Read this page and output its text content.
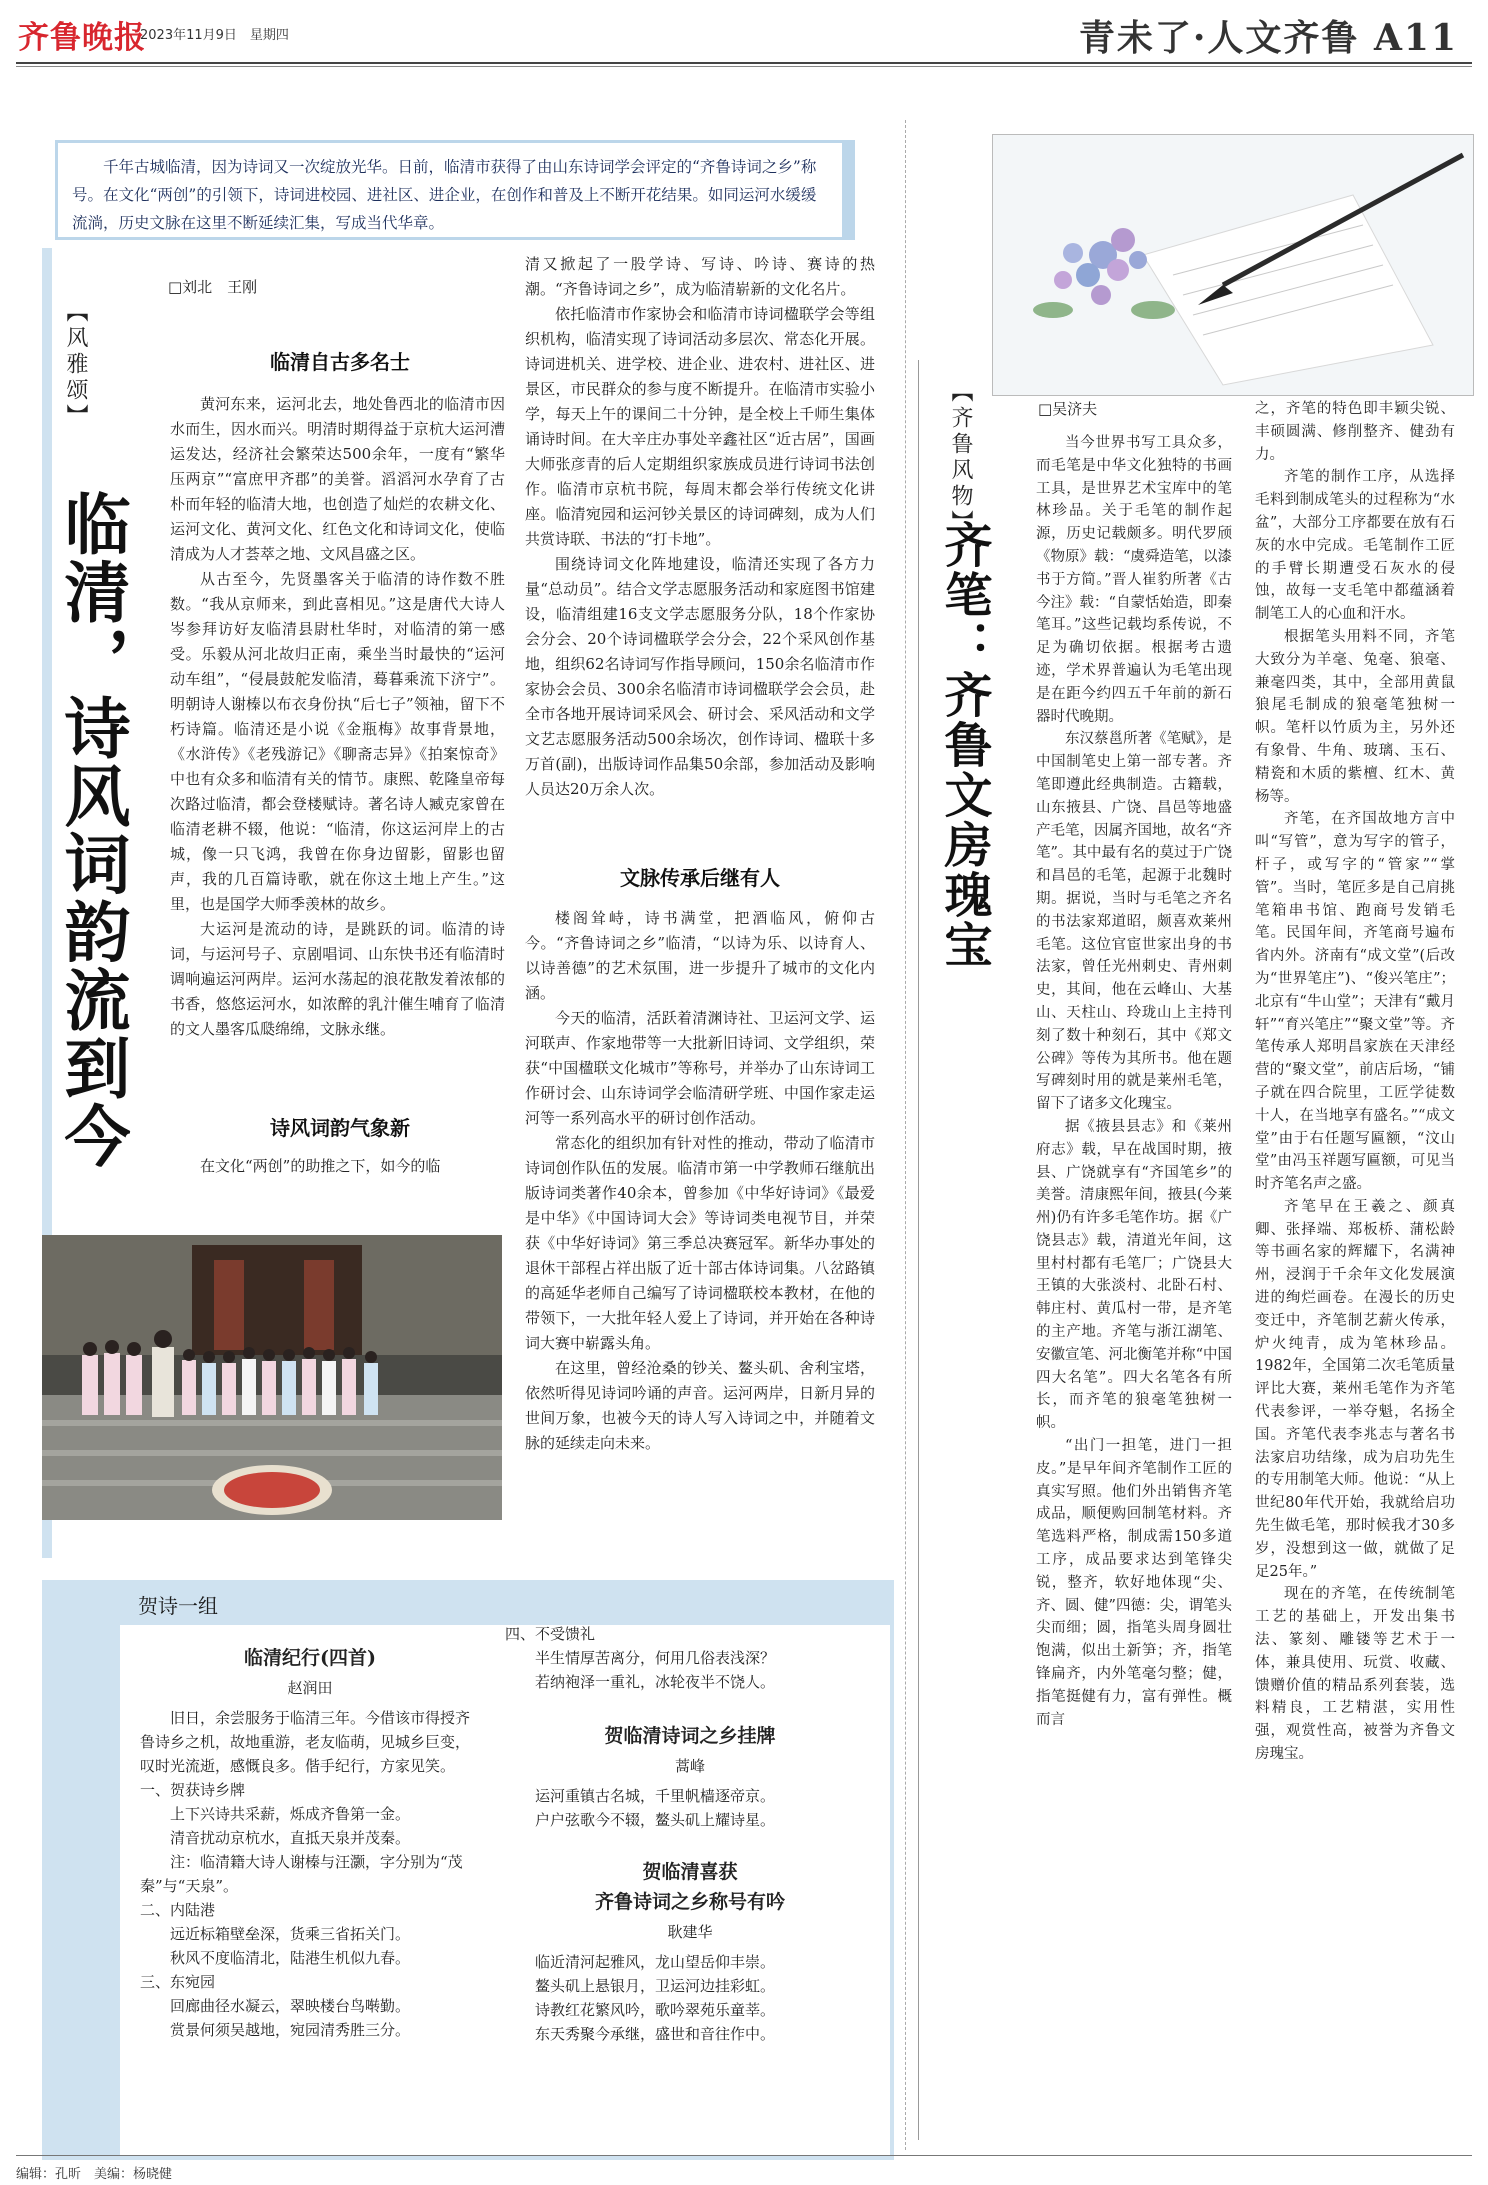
齐鲁晚报
2023年11月9日　星期四	青未了·人文齐鲁 A11

千年古城临清，因为诗词又一次绽放光华。日前，临清市获得了由山东诗词学会评定的“齐鲁诗词之乡”称号。在文化“两创”的引领下，诗词进校园、进社区、进企业，在创作和普及上不断开花结果。如同运河水缓缓流淌，历史文脉在这里不断延续汇集，写成当代华章。

【风雅颂】
临清，诗风词韵流到今
□刘北　王刚
临清自古多名士

黄河东来，运河北去，地处鲁西北的临清市因水而生，因水而兴。明清时期得益于京杭大运河漕运发达，经济社会繁荣达500余年，一度有“繁华压两京”“富庶甲齐郡”的美誉。滔滔河水孕育了古朴而年轻的临清大地，也创造了灿烂的农耕文化、运河文化、黄河文化、红色文化和诗词文化，使临清成为人才荟萃之地、文风昌盛之区。

从古至今，先贤墨客关于临清的诗作数不胜数。“我从京师来，到此喜相见。”这是唐代大诗人岑参拜访好友临清县尉杜华时，对临清的第一感受。乐毅从河北故归正南，乘坐当时最快的“运河动车组”，“侵晨鼓舵发临清，蓦暮乘流下济宁”。明朝诗人谢榛以布衣身份执“后七子”领袖，留下不朽诗篇。临清还是小说《金瓶梅》故事背景地，《水浒传》《老残游记》《聊斋志异》《拍案惊奇》中也有众多和临清有关的情节。康熙、乾隆皇帝每次路过临清，都会登楼赋诗。著名诗人臧克家曾在临清老耕不辍，他说：“临清，你这运河岸上的古城，像一只飞鸿，我曾在你身边留影，留影也留声，我的几百篇诗歌，就在你这土地上产生。”这里，也是国学大师季羡林的故乡。

大运河是流动的诗，是跳跃的词。临清的诗词，与运河号子、京剧唱词、山东快书还有临清时调响遍运河两岸。运河水荡起的浪花散发着浓郁的书香，悠悠运河水，如浓醉的乳汁催生哺育了临清的文人墨客瓜瓞绵绵，文脉永继。

诗风词韵气象新

在文化“两创”的助推之下，如今的临

清又掀起了一股学诗、写诗、吟诗、赛诗的热潮。“齐鲁诗词之乡”，成为临清崭新的文化名片。

依托临清市作家协会和临清市诗词楹联学会等组织机构，临清实现了诗词活动多层次、常态化开展。诗词进机关、进学校、进企业、进农村、进社区、进景区，市民群众的参与度不断提升。在临清市实验小学，每天上午的课间二十分钟，是全校上千师生集体诵诗时间。在大辛庄办事处辛鑫社区“近古居”，国画大师张彦青的后人定期组织家族成员进行诗词书法创作。临清市京杭书院，每周末都会举行传统文化讲座。临清宛园和运河钞关景区的诗词碑刻，成为人们共赏诗联、书法的“打卡地”。

围绕诗词文化阵地建设，临清还实现了各方力量“总动员”。结合文学志愿服务活动和家庭图书馆建设，临清组建16支文学志愿服务分队，18个作家协会分会、20个诗词楹联学会分会，22个采风创作基地，组织62名诗词写作指导顾问，150余名临清市作家协会会员、300余名临清市诗词楹联学会会员，赴全市各地开展诗词采风会、研讨会、采风活动和文学文艺志愿服务活动500余场次，创作诗词、楹联十多万首(副)，出版诗词作品集50余部，参加活动及影响人员达20万余人次。

文脉传承后继有人

楼阁耸峙，诗书满堂，把酒临风，俯仰古今。“齐鲁诗词之乡”临清，“以诗为乐、以诗育人、以诗善德”的艺术氛围，进一步提升了城市的文化内涵。

今天的临清，活跃着清渊诗社、卫运河文学、运河联声、作家地带等一大批新旧诗词、文学组织，荣获“中国楹联文化城市”等称号，并举办了山东诗词工作研讨会、山东诗词学会临清研学班、中国作家走运河等一系列高水平的研讨创作活动。

常态化的组织加有针对性的推动，带动了临清市诗词创作队伍的发展。临清市第一中学教师石继航出版诗词类著作40余本，曾参加《中华好诗词》《最爱是中华》《中国诗词大会》等诗词类电视节目，并荣获《中华好诗词》第三季总决赛冠军。新华办事处的退休干部程占祥出版了近十部古体诗词集。八岔路镇的高延华老师自己编写了诗词楹联校本教材，在他的带领下，一大批年轻人爱上了诗词，并开始在各种诗词大赛中崭露头角。

在这里，曾经沧桑的钞关、鳌头矶、舍利宝塔，依然听得见诗词吟诵的声音。运河两岸，日新月异的世间万象，也被今天的诗人写入诗词之中，并随着文脉的延续走向未来。

贺诗一组
临清纪行(四首)
赵润田
旧日，余尝服务于临清三年。今借该市得授齐鲁诗乡之机，故地重游，老友临萌，见城乡巨变，叹时光流逝，感慨良多。偕手纪行，方家见笑。
一、贺获诗乡牌
上下兴诗共采薪，烁成齐鲁第一金。
清音扰动京杭水，直抵天泉并茂秦。
注：临清籍大诗人谢榛与汪灏，字分别为“茂秦”与“天泉”。
二、内陆港
远近标箱壁垒深，货乘三省拓关门。
秋风不度临清北，陆港生机似九春。
三、东宛园
回廊曲径水凝云，翠映楼台鸟啭勤。
赏景何须吴越地，宛园清秀胜三分。
四、不受馈礼
半生情厚苦离分，何用几俗表浅深？
若纳袍泽一重礼，冰轮夜半不饶人。
贺临清诗词之乡挂牌
蒿峰
运河重镇古名城，千里帆樯逐帝京。
户户弦歌今不辍，鳌头矶上耀诗星。
贺临清喜获
齐鲁诗词之乡称号有吟
耿建华
临近清河起雅风，龙山望岳仰丰崇。
鳌头矶上悬银月，卫运河边挂彩虹。
诗教红花繁风吟，歌吟翠苑乐童莘。
东天秀聚今承继，盛世和音往作中。
【齐鲁风物】
齐笔：齐鲁文房瑰宝
□吴济夫

当今世界书写工具众多，而毛笔是中华文化独特的书画工具，是世界艺术宝库中的笔林珍品。关于毛笔的制作起源，历史记载颇多。明代罗颀《物原》载：“虞舜造笔，以漆书于方简。”晋人崔豹所著《古今注》载：“自蒙恬始造，即秦笔耳。”这些记载均系传说，不足为确切依据。根据考古遗迹，学术界普遍认为毛笔出现是在距今约四五千年前的新石器时代晚期。

东汉蔡邕所著《笔赋》，是中国制笔史上第一部专著。齐笔即遵此经典制造。古籍载，山东掖县、广饶、昌邑等地盛产毛笔，因属齐国地，故名“齐笔”。其中最有名的莫过于广饶和昌邑的毛笔，起源于北魏时期。据说，当时与毛笔之齐名的书法家郑道昭，颇喜欢莱州毛笔。这位官宦世家出身的书法家，曾任光州刺史、青州刺史，其间，他在云峰山、大基山、天柱山、玲珑山上主持刊刻了数十种刻石，其中《郑文公碑》等传为其所书。他在题写碑刻时用的就是莱州毛笔，留下了诸多文化瑰宝。

据《掖县县志》和《莱州府志》载，早在战国时期，掖县、广饶就享有“齐国笔乡”的美誉。清康熙年间，掖县(今莱州)仍有许多毛笔作坊。据《广饶县志》载，清道光年间，这里村村都有毛笔厂；广饶县大王镇的大张淡村、北卧石村、韩庄村、黄瓜村一带，是齐笔的主产地。齐笔与浙江湖笔、安徽宣笔、河北衡笔并称“中国四大名笔”。四大名笔各有所长，而齐笔的狼毫笔独树一帜。

“出门一担笔，进门一担皮。”是早年间齐笔制作工匠的真实写照。他们外出销售齐笔成品，顺便购回制笔材料。齐笔选料严格，制成需150多道工序，成品要求达到笔锋尖锐，整齐，软好地体现“尖、齐、圆、健”四德：尖，谓笔头尖而细；圆，指笔头周身圆壮饱满，似出土新笋；齐，指笔锋扁齐，内外笔毫匀整；健，指笔挺健有力，富有弹性。概而言

之，齐笔的特色即丰颖尖锐、丰硕圆满、修削整齐、健劲有力。

齐笔的制作工序，从选择毛料到制成笔头的过程称为“水盆”，大部分工序都要在放有石灰的水中完成。毛笔制作工匠的手臂长期遭受石灰水的侵蚀，故每一支毛笔中都蕴涵着制笔工人的心血和汗水。

根据笔头用料不同，齐笔大致分为羊毫、兔毫、狼毫、兼毫四类，其中，全部用黄鼠狼尾毛制成的狼毫笔独树一帜。笔杆以竹质为主，另外还有象骨、牛角、玻璃、玉石、精瓷和木质的紫檀、红木、黄杨等。

齐笔，在齐国故地方言中叫“写管”，意为写字的管子，杆子，或写字的“管家”“掌管”。当时，笔匠多是自己肩挑笔箱串书馆、跑商号发销毛笔。民国年间，齐笔商号遍布省内外。济南有“成文堂”(后改为“世界笔庄”)、“俊兴笔庄”；北京有“牛山堂”；天津有“戴月轩”“育兴笔庄”“聚文堂”等。齐笔传承人郑明昌家族在天津经营的“聚文堂”，前店后场，“铺子就在四合院里，工匠学徒数十人，在当地享有盛名。”“成文堂”由于右任题写匾额，“汶山堂”由冯玉祥题写匾额，可见当时齐笔名声之盛。

齐笔早在王羲之、颜真卿、张择端、郑板桥、蒲松龄等书画名家的辉耀下，名满神州，浸润于千余年文化发展演进的绚烂画卷。在漫长的历史变迁中，齐笔制艺薪火传承，炉火纯青，成为笔林珍品。1982年，全国第二次毛笔质量评比大赛，莱州毛笔作为齐笔代表参评，一举夺魁，名扬全国。齐笔代表李兆志与著名书法家启功结缘，成为启功先生的专用制笔大师。他说：“从上世纪80年代开始，我就给启功先生做毛笔，那时候我才30多岁，没想到这一做，就做了足足25年。”

现在的齐笔，在传统制笔工艺的基础上，开发出集书法、篆刻、雕镂等艺术于一体，兼具使用、玩赏、收藏、馈赠价值的精品系列套装，选料精良，工艺精湛，实用性强，观赏性高，被誉为齐鲁文房瑰宝。

编辑：孔昕　美编：杨晓健
